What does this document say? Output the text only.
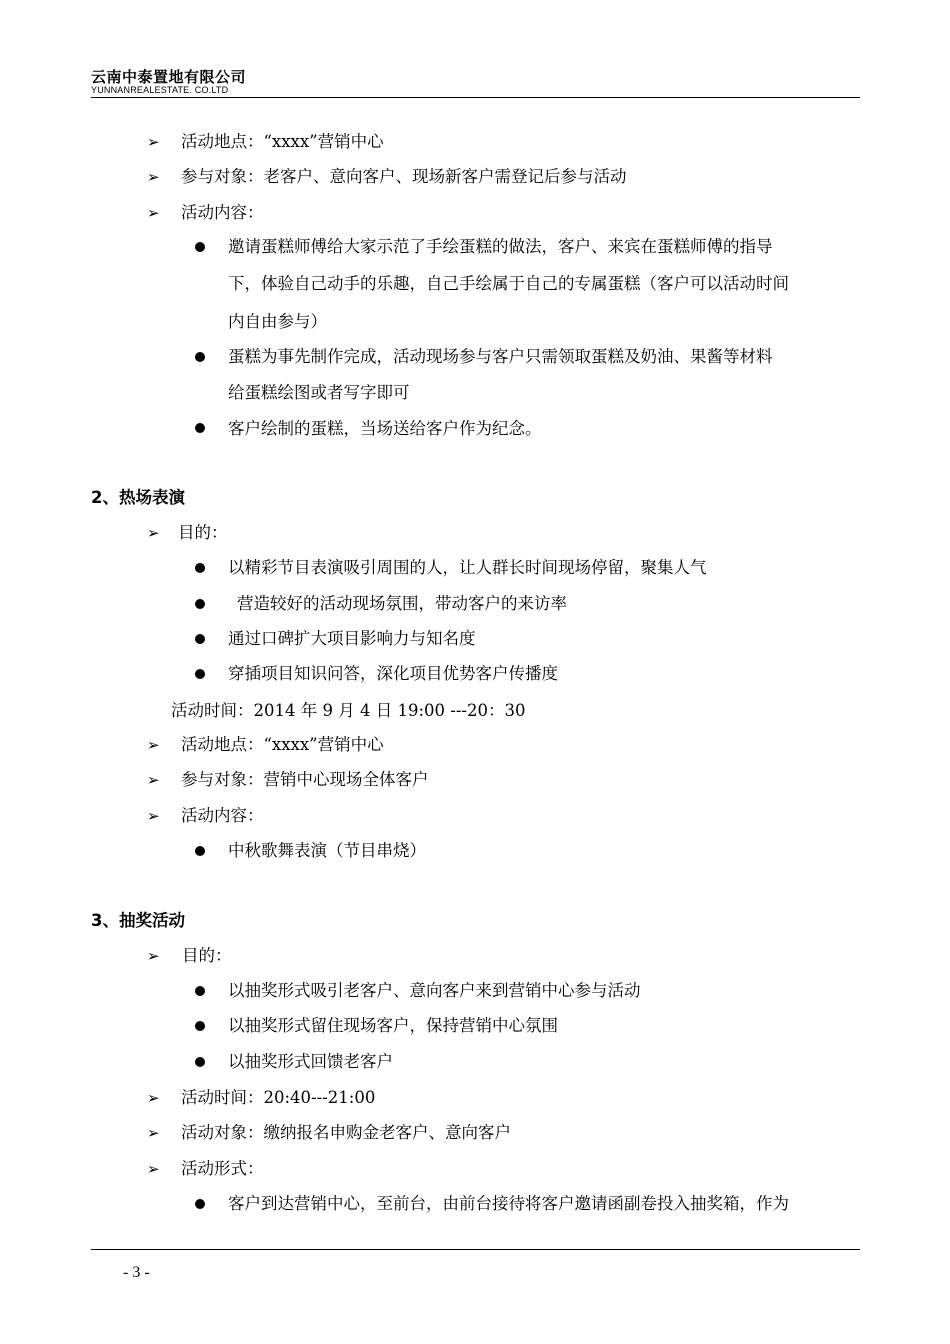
云南中泰置地有限公司
YUNNANREALESTATE. CO.LTD
➢ 活动地点：“xxxx”营销中心
➢ 参与对象：老客户、意向客户、现场新客户需登记后参与活动
➢ 活动内容：
邀请蛋糕师傅给大家示范了手绘蛋糕的做法，客户、来宾在蛋糕师傅的指导
下，体验自己动手的乐趣，自己手绘属于自己的专属蛋糕（客户可以活动时间
内自由参与）
蛋糕为事先制作完成，活动现场参与客户只需领取蛋糕及奶油、果酱等材料
给蛋糕绘图或者写字即可
客户绘制的蛋糕，当场送给客户作为纪念。
2、热场表演
➢ 目的：
以精彩节目表演吸引周围的人，让人群长时间现场停留，聚集人气
营造较好的活动现场氛围，带动客户的来访率
通过口碑扩大项目影响力与知名度
穿插项目知识问答，深化项目优势客户传播度
活动时间：2014 年 9 月 4 日 19:00 ---20：30
➢ 活动地点：“xxxx”营销中心
➢ 参与对象：营销中心现场全体客户
➢ 活动内容：
中秋歌舞表演（节目串烧）
3、抽奖活动
➢ 目的：
以抽奖形式吸引老客户、意向客户来到营销中心参与活动
以抽奖形式留住现场客户，保持营销中心氛围
以抽奖形式回馈老客户
➢ 活动时间：20:40---21:00
➢ 活动对象：缴纳报名申购金老客户、意向客户
➢ 活动形式：
客户到达营销中心，至前台，由前台接待将客户邀请函副卷投入抽奖箱，作为
- 3 -
